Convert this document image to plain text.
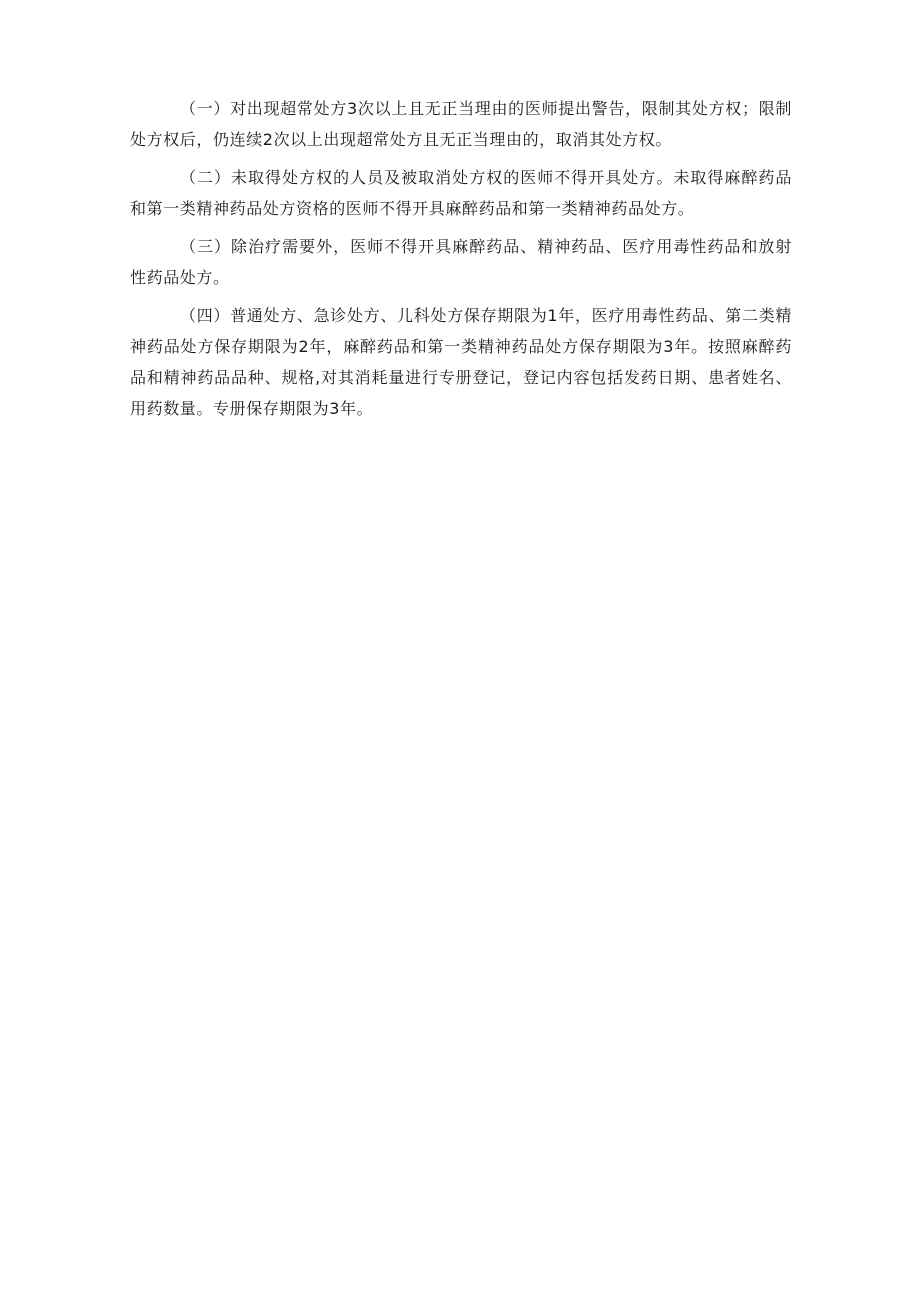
（一）对出现超常处方3次以上且无正当理由的医师提出警告，限制其处方权；限制处方权后，仍连续2次以上出现超常处方且无正当理由的，取消其处方权。

（二）未取得处方权的人员及被取消处方权的医师不得开具处方。未取得麻醉药品和第一类精神药品处方资格的医师不得开具麻醉药品和第一类精神药品处方。

（三）除治疗需要外，医师不得开具麻醉药品、精神药品、医疗用毒性药品和放射性药品处方。

（四）普通处方、急诊处方、儿科处方保存期限为1年，医疗用毒性药品、第二类精神药品处方保存期限为2年，麻醉药品和第一类精神药品处方保存期限为3年。按照麻醉药品和精神药品品种、规格,对其消耗量进行专册登记，登记内容包括发药日期、患者姓名、用药数量。专册保存期限为3年。
